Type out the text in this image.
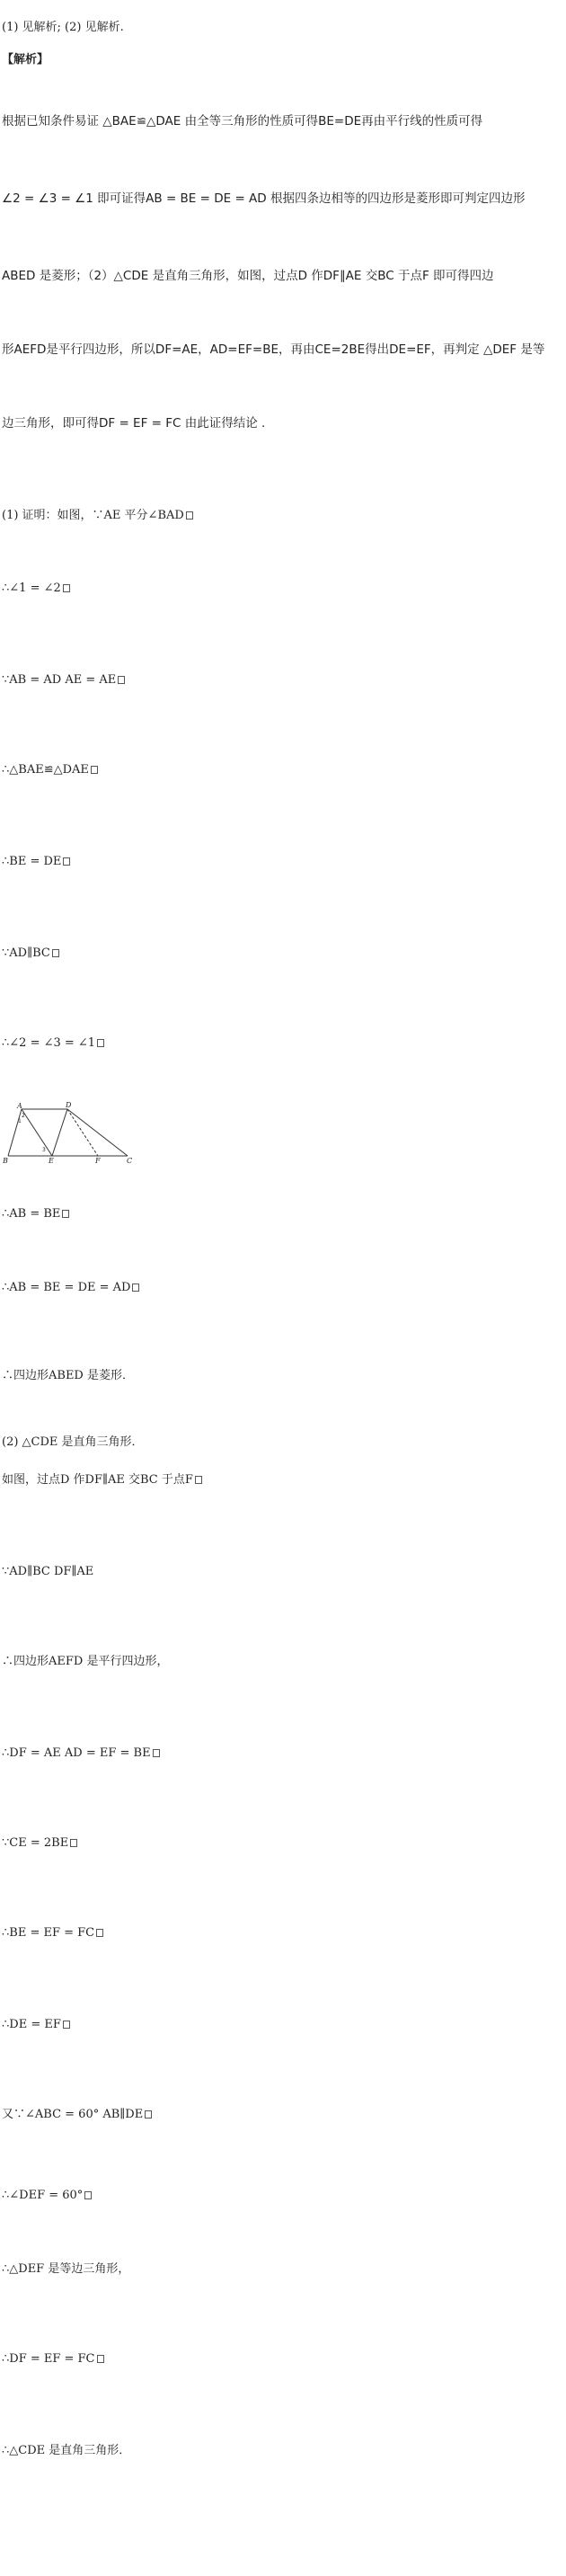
(1) 见解析; (2) 见解析.
【解析】
根据已知条件易证 △BAE≌△DAE 由全等三角形的性质可得BE=DE再由平行线的性质可得
∠2 = ∠3 = ∠1 即可证得AB = BE = DE = AD 根据四条边相等的四边形是菱形即可判定四边形
ABED 是菱形；（2）△CDE 是直角三角形，如图，过点D 作DF∥AE 交BC 于点F 即可得四边
形AEFD是平行四边形，所以DF=AE，AD=EF=BE，再由CE=2BE得出DE=EF，再判定 △DEF 是等
边三角形，即可得DF = EF = FC 由此证得结论 .
(1) 证明：如图，∵AE 平分∠BAD
∴∠1 = ∠2
∵AB = AD AE = AE
∴△BAE≌△DAE
∴BE = DE
∵AD∥BC
∴∠2 = ∠3 = ∠1
∴AB = BE
∴AB = BE = DE = AD
∴四边形ABED 是菱形．
(2) △CDE 是直角三角形．
如图，过点D 作DF∥AE 交BC 于点F
∵AD∥BC DF∥AE
∴四边形AEFD 是平行四边形，
∴DF = AE AD = EF = BE
∵CE = 2BE
∴BE = EF = FC
∴DE = EF
又∵∠ABC = 60° AB∥DE
∴∠DEF = 60°
∴△DEF 是等边三角形，
∴DF = EF = FC
∴△CDE 是直角三角形．
A	D
B	E	F	C
2
1
3
